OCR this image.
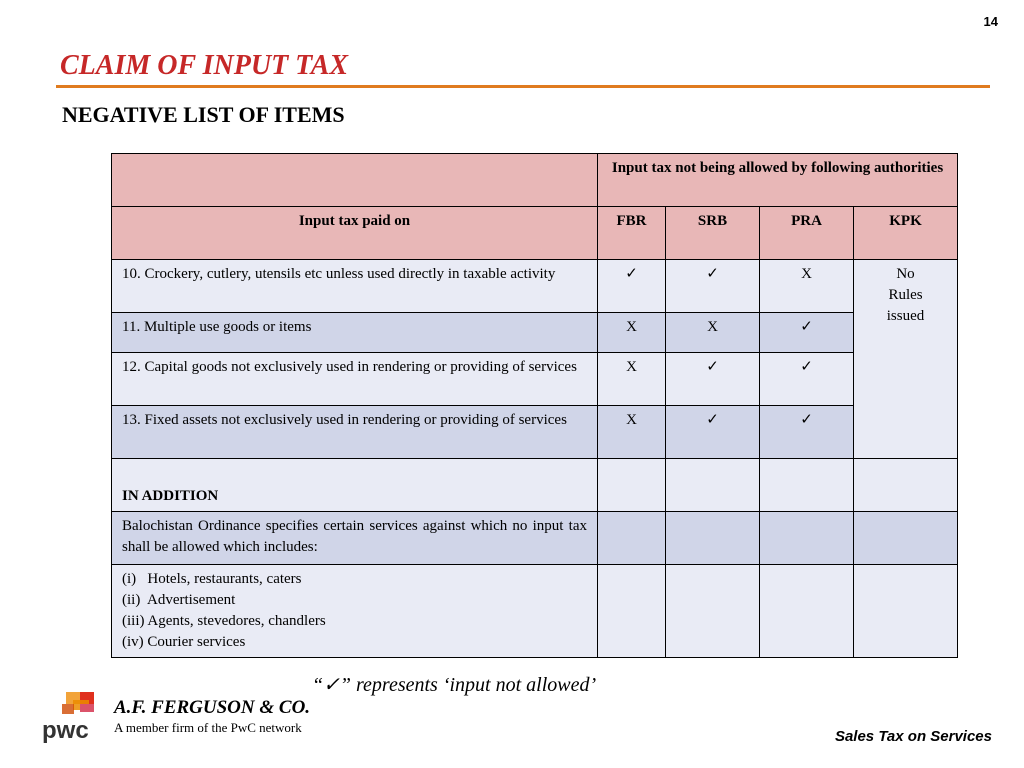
14
CLAIM OF INPUT TAX
NEGATIVE LIST OF ITEMS
	Input tax not being allowed by following authorities			
Input tax paid on	FBR	SRB	PRA	KPK
10. Crockery, cutlery, utensils etc unless used directly in taxable activity	✓	✓	X	No
Rules
issued

11. Multiple use goods or items	X	X	✓	
12. Capital goods not exclusively used in rendering or providing of services	X	✓	✓	
13. Fixed assets not exclusively used in rendering or providing of services	X	✓	✓	
IN ADDITION				
Balochistan Ordinance specifies certain services against which no input tax shall be allowed which includes:				

(i)   Hotels, restaurants, caters
(ii)  Advertisement
(iii) Agents, stevedores, chandlers
(iv) Courier services				

“✓” represents ‘input not allowed’
pwc
A.F. FERGUSON & CO.
A member firm of the PwC network
Sales Tax on Services
